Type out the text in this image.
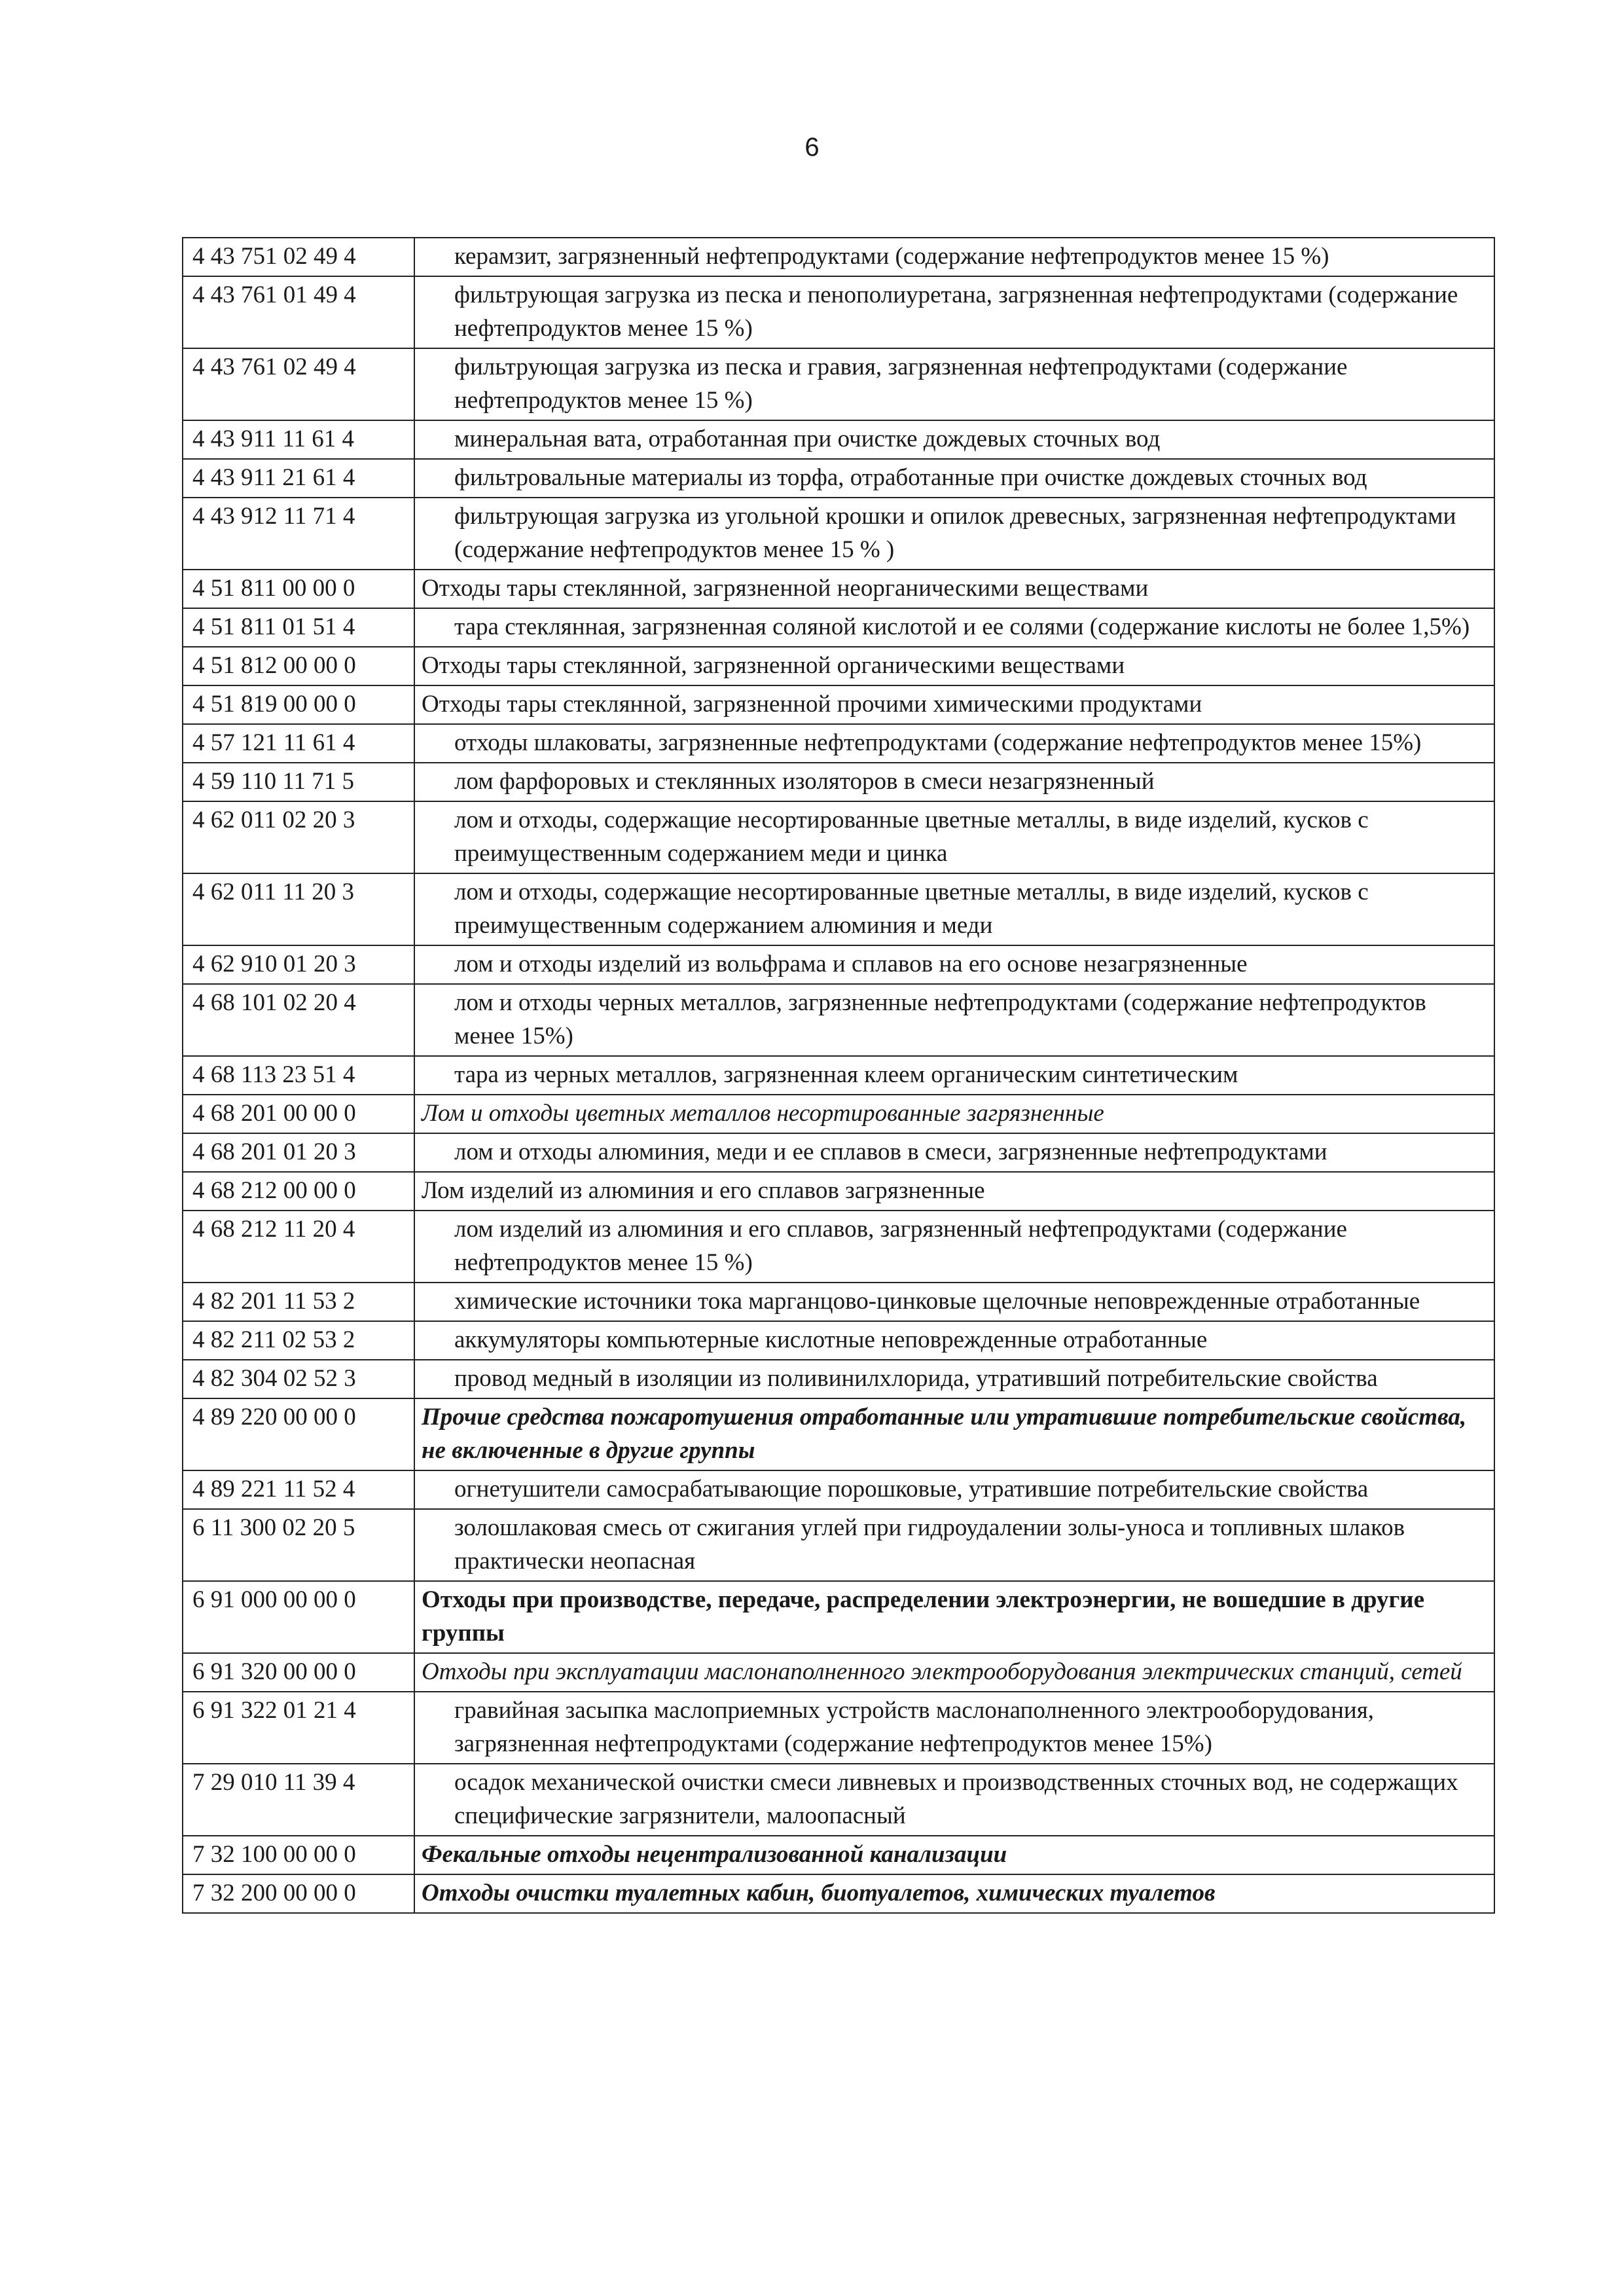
6
4 43 751 02 49 4	керамзит, загрязненный нефтепродуктами (содержание нефтепродуктов менее 15 %)
4 43 761 01 49 4	фильтрующая загрузка из песка и пенополиуретана, загрязненная нефтепродуктами (содержание нефтепродуктов менее 15 %)
4 43 761 02 49 4	фильтрующая загрузка из песка и гравия, загрязненная нефтепродуктами (содержание нефтепродуктов менее 15 %)
4 43 911 11 61 4	минеральная вата, отработанная при очистке дождевых сточных вод
4 43 911 21 61 4	фильтровальные материалы из торфа, отработанные при очистке дождевых сточных вод
4 43 912 11 71 4	фильтрующая загрузка из угольной крошки и опилок древесных, загрязненная нефтепродуктами (содержание нефтепродуктов менее 15 % )
4 51 811 00 00 0	Отходы тары стеклянной, загрязненной неорганическими веществами
4 51 811 01 51 4	тара стеклянная, загрязненная соляной кислотой и ее солями (содержание кислоты не более 1,5%)
4 51 812 00 00 0	Отходы тары стеклянной, загрязненной органическими веществами
4 51 819 00 00 0	Отходы тары стеклянной, загрязненной прочими химическими продуктами
4 57 121 11 61 4	отходы шлаковаты, загрязненные нефтепродуктами (содержание нефтепродуктов менее 15%)
4 59 110 11 71 5	лом фарфоровых и стеклянных изоляторов в смеси незагрязненный
4 62 011 02 20 3	лом и отходы, содержащие несортированные цветные металлы, в виде изделий, кусков с преимущественным содержанием меди и цинка
4 62 011 11 20 3	лом и отходы, содержащие несортированные цветные металлы, в виде изделий, кусков с преимущественным содержанием алюминия и меди
4 62 910 01 20 3	лом и отходы изделий из вольфрама и сплавов на его основе незагрязненные
4 68 101 02 20 4	лом и отходы черных металлов, загрязненные нефтепродуктами (содержание нефтепродуктов менее 15%)
4 68 113 23 51 4	тара из черных металлов, загрязненная клеем органическим синтетическим
4 68 201 00 00 0	Лом и отходы цветных металлов несортированные загрязненные
4 68 201 01 20 3	лом и отходы алюминия, меди и ее сплавов в смеси, загрязненные нефтепродуктами
4 68 212 00 00 0	Лом изделий из алюминия и его сплавов загрязненные
4 68 212 11 20 4	лом изделий из алюминия и его сплавов, загрязненный нефтепродуктами (содержание нефтепродуктов менее 15 %)
4 82 201 11 53 2	химические источники тока марганцово-цинковые щелочные неповрежденные отработанные
4 82 211 02 53 2	аккумуляторы компьютерные кислотные неповрежденные отработанные
4 82 304 02 52 3	провод медный в изоляции из поливинилхлорида, утративший потребительские свойства
4 89 220 00 00 0	Прочие средства пожаротушения отработанные или утратившие потребительские свойства, не включенные в другие группы
4 89 221 11 52 4	огнетушители самосрабатывающие порошковые, утратившие потребительские свойства
6 11 300 02 20 5	золошлаковая смесь от сжигания углей при гидроудалении золы-уноса и топливных шлаков практически неопасная
6 91 000 00 00 0	Отходы при производстве, передаче, распределении электроэнергии, не вошедшие в другие группы
6 91 320 00 00 0	Отходы при эксплуатации маслонаполненного электрооборудования электрических станций, сетей
6 91 322 01 21 4	гравийная засыпка маслоприемных устройств маслонаполненного электрооборудования, загрязненная нефтепродуктами (содержание нефтепродуктов менее 15%)
7 29 010 11 39 4	осадок механической очистки смеси ливневых и производственных сточных вод, не содержащих специфические загрязнители, малоопасный
7 32 100 00 00 0	Фекальные отходы нецентрализованной канализации
7 32 200 00 00 0	Отходы очистки туалетных кабин, биотуалетов, химических туалетов
